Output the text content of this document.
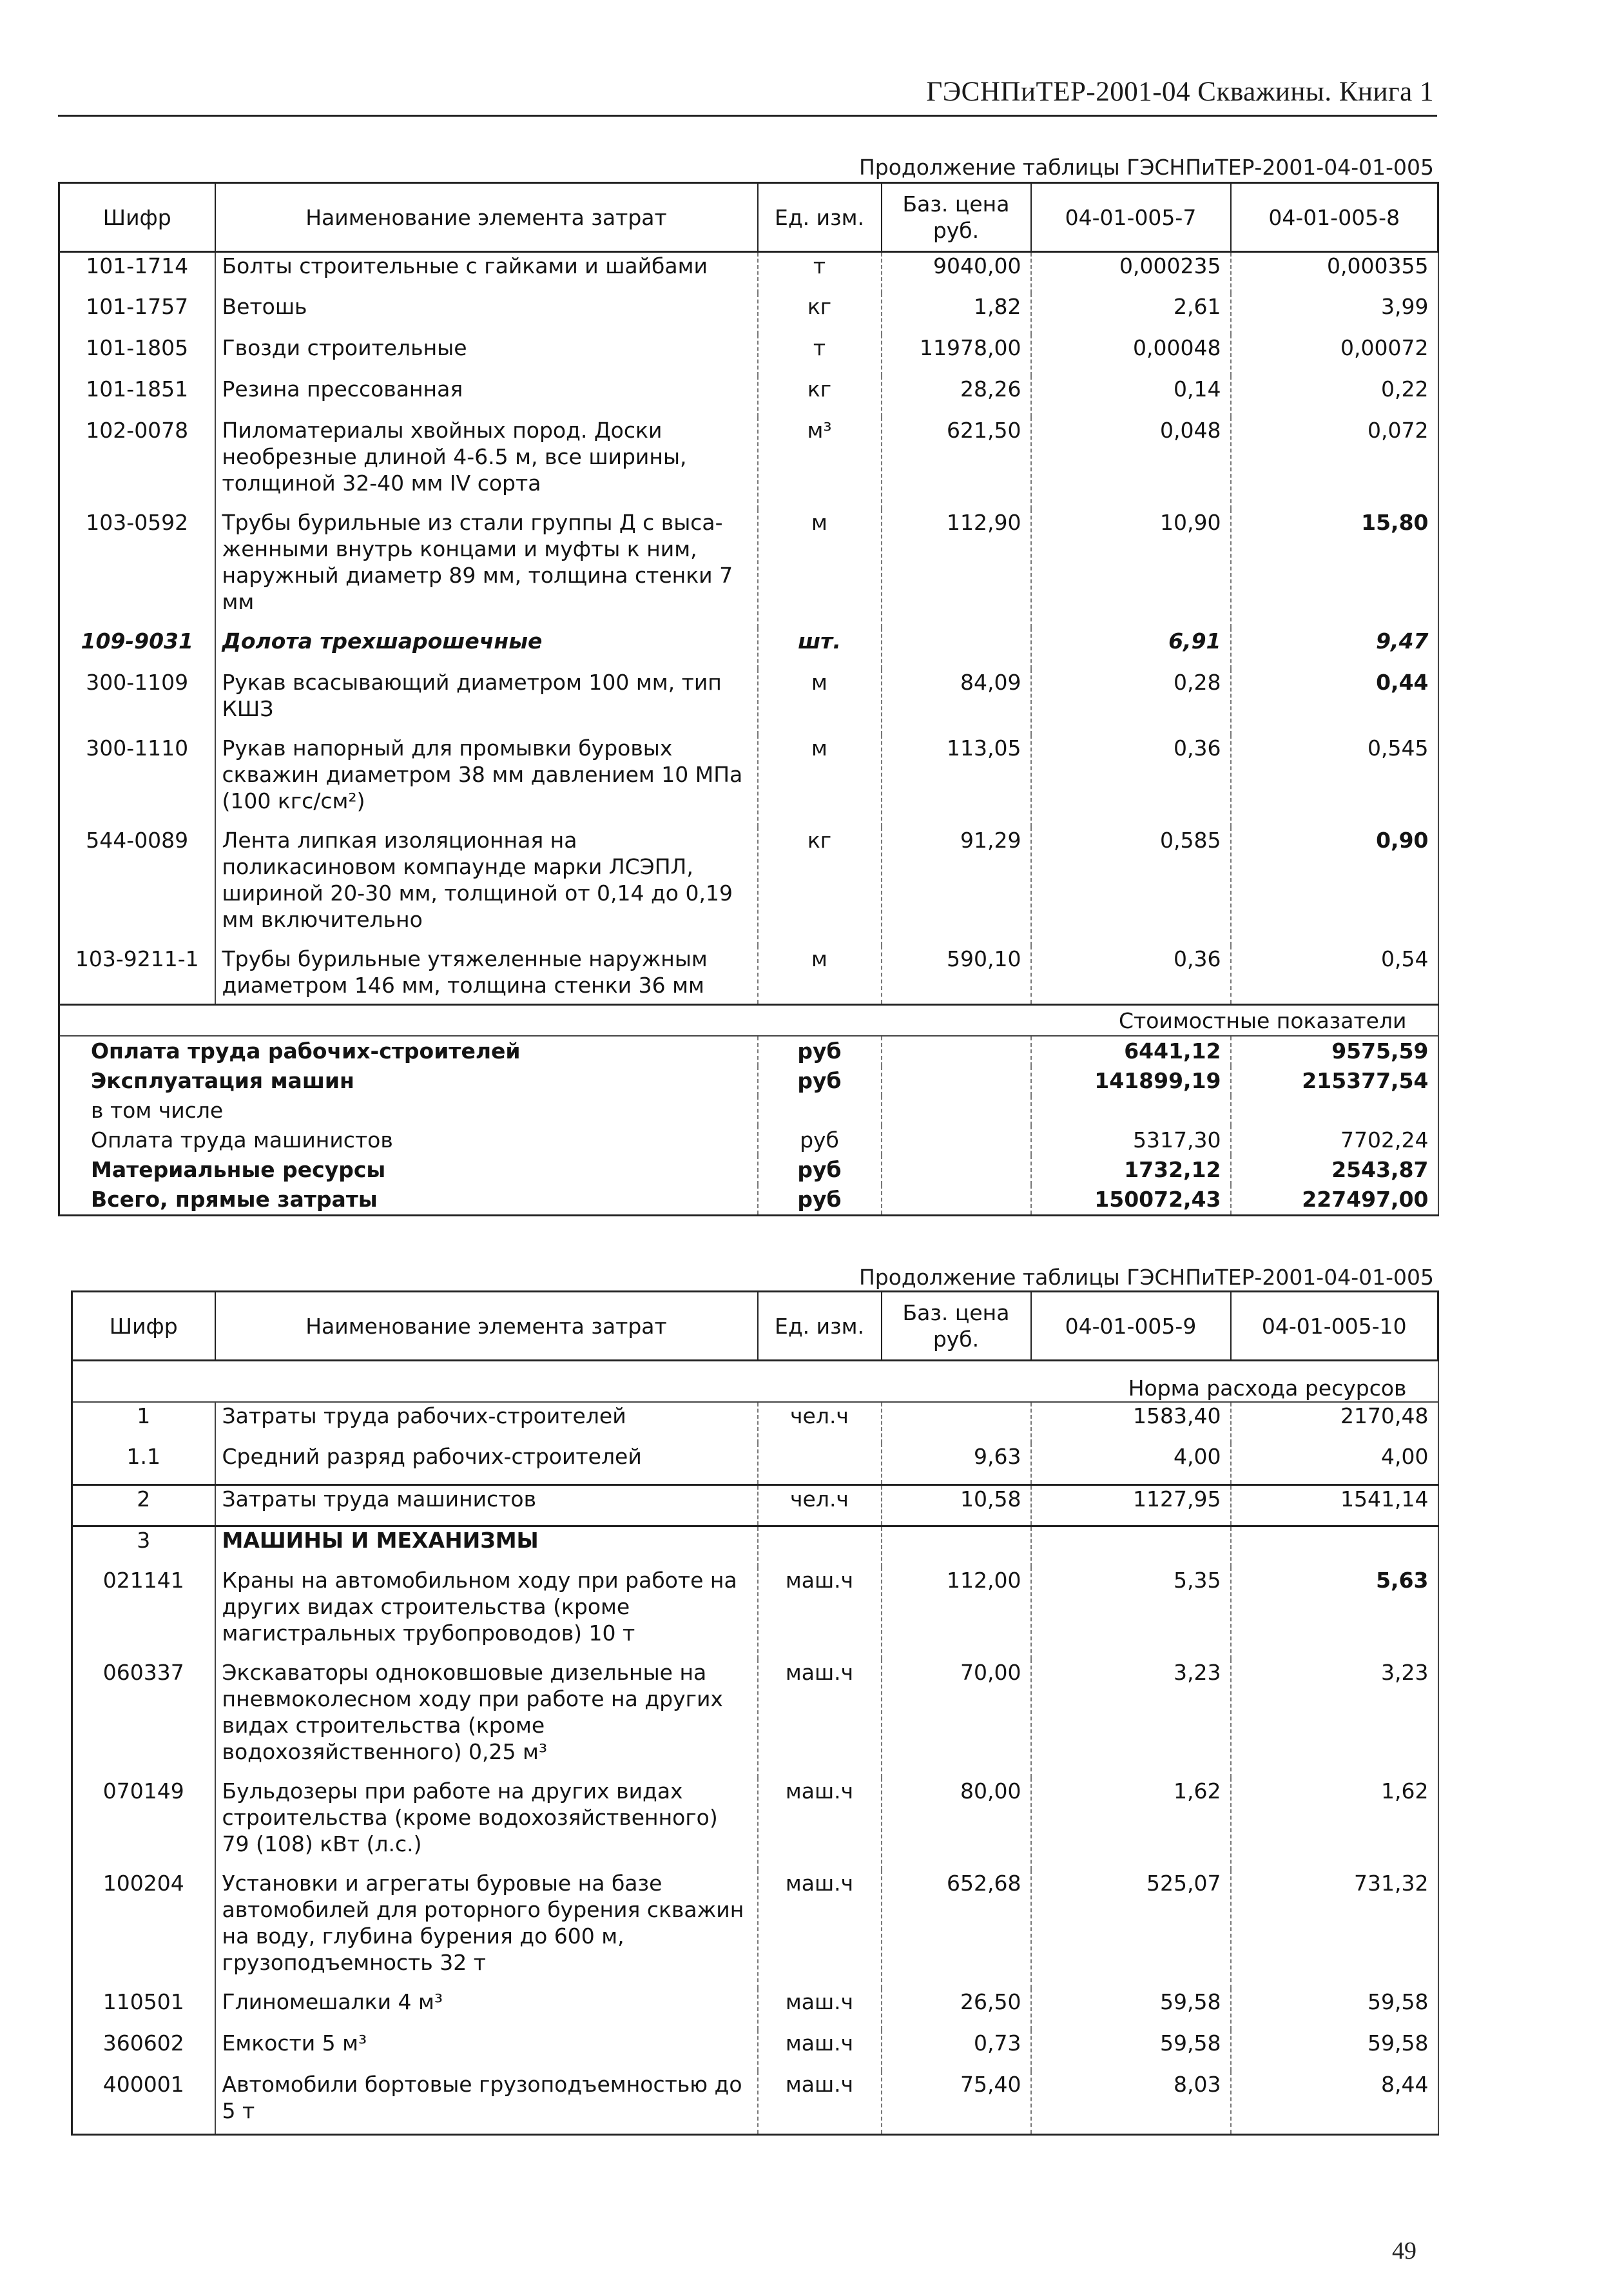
ГЭСНПиТЕР-2001-04 Скважины. Книга 1
Продолжение таблицы ГЭСНПиТЕР-2001-04-01-005
Шифр	Наименование элемента затрат	Ед. изм.	Баз. цена руб.	04-01-005-7	04-01-005-8
101-1714	Болты строительные с гайками и шайбами	т	9040,00	0,000235	0,000355
101-1757	Ветошь	кг	1,82	2,61	3,99
101-1805	Гвозди строительные	т	11978,00	0,00048	0,00072
101-1851	Резина прессованная	кг	28,26	0,14	0,22
102-0078	Пиломатериалы хвойных пород. Доски необрезные длиной 4-6.5 м, все ширины, толщиной 32-40 мм IV сорта	м³	621,50	0,048	0,072
103-0592	Трубы бурильные из стали группы Д с выса-женными внутрь концами и муфты к ним, наружный диаметр 89 мм, толщина стенки 7 мм	м	112,90	10,90	15,80
109-9031	Долота трехшарошечные	шт.		6,91	9,47
300-1109	Рукав всасывающий диаметром 100 мм, тип КШЗ	м	84,09	0,28	0,44
300-1110	Рукав напорный для промывки буровых скважин диаметром 38 мм давлением 10 МПа (100 кгс/см²)	м	113,05	0,36	0,545
544-0089	Лента липкая изоляционная на поликасиновом компаунде марки ЛСЭПЛ, шириной 20-30 мм, толщиной от 0,14 до 0,19 мм включительно	кг	91,29	0,585	0,90
103-9211-1	Трубы бурильные утяжеленные наружным диаметром 146 мм, толщина стенки 36 мм	м	590,10	0,36	0,54
Стоимостные показатели					
Оплата труда рабочих-строителей		руб		6441,12	9575,59
Эксплуатация машин		руб		141899,19	215377,54
в том числе					
Оплата труда машинистов		руб		5317,30	7702,24
Материальные ресурсы		руб		1732,12	2543,87
Всего, прямые затраты		руб		150072,43	227497,00
Продолжение таблицы ГЭСНПиТЕР-2001-04-01-005
Шифр	Наименование элемента затрат	Ед. изм.	Баз. цена руб.	04-01-005-9	04-01-005-10
Норма расхода ресурсов					
1	Затраты труда рабочих-строителей	чел.ч		1583,40	2170,48
1.1	Средний разряд рабочих-строителей		9,63	4,00	4,00
2	Затраты труда машинистов	чел.ч	10,58	1127,95	1541,14
3	МАШИНЫ И МЕХАНИЗМЫ				
021141	Краны на автомобильном ходу при работе на других видах строительства (кроме магистральных трубопроводов) 10 т	маш.ч	112,00	5,35	5,63
060337	Экскаваторы одноковшовые дизельные на пневмоколесном ходу при работе на других видах строительства (кроме водохозяйственного) 0,25 м³	маш.ч	70,00	3,23	3,23
070149	Бульдозеры при работе на других видах строительства (кроме водохозяйственного) 79 (108) кВт (л.с.)	маш.ч	80,00	1,62	1,62
100204	Установки и агрегаты буровые на базе автомобилей для роторного бурения скважин на воду, глубина бурения до 600 м, грузоподъемность 32 т	маш.ч	652,68	525,07	731,32
110501	Глиномешалки 4 м³	маш.ч	26,50	59,58	59,58
360602	Емкости 5 м³	маш.ч	0,73	59,58	59,58
400001	Автомобили бортовые грузоподъемностью до 5 т	маш.ч	75,40	8,03	8,44
49
